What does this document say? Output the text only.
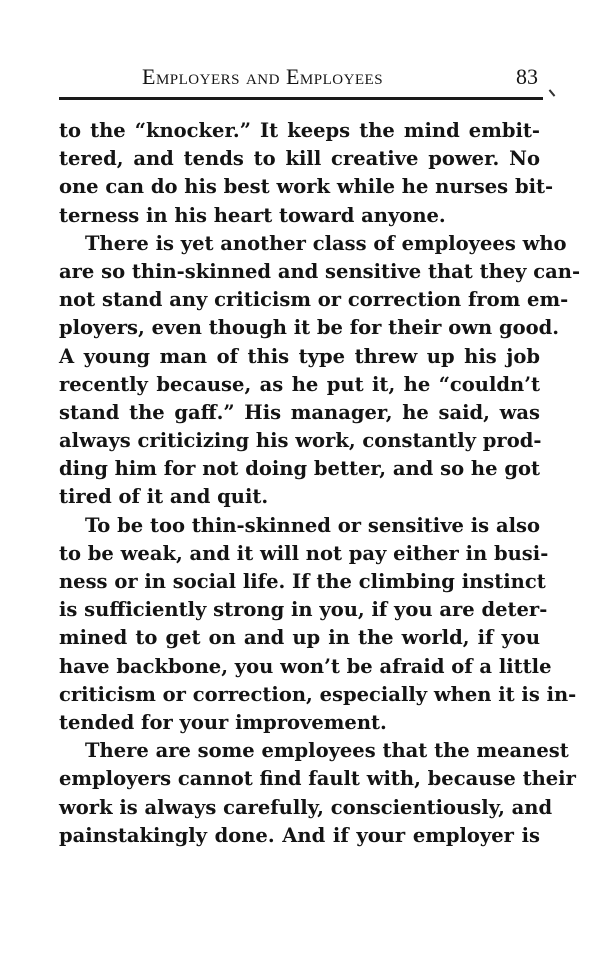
Employers and Employees	83
to the “knocker.” It keeps the mind embit-
tered, and tends to kill creative power. No
one can do his best work while he nurses bit-
terness in his heart toward anyone.
There is yet another class of employees who
are so thin-skinned and sensitive that they can-
not stand any criticism or correction from em-
ployers, even though it be for their own good.
A young man of this type threw up his job
recently because, as he put it, he “couldn’t
stand the gaff.” His manager, he said, was
always criticizing his work, constantly prod-
ding him for not doing better, and so he got
tired of it and quit.
To be too thin-skinned or sensitive is also
to be weak, and it will not pay either in busi-
ness or in social life. If the climbing instinct
is sufficiently strong in you, if you are deter-
mined to get on and up in the world, if you
have backbone, you won’t be afraid of a little
criticism or correction, especially when it is in-
tended for your improvement.
There are some employees that the meanest
employers cannot find fault with, because their
work is always carefully, conscientiously, and
painstakingly done. And if your employer is
